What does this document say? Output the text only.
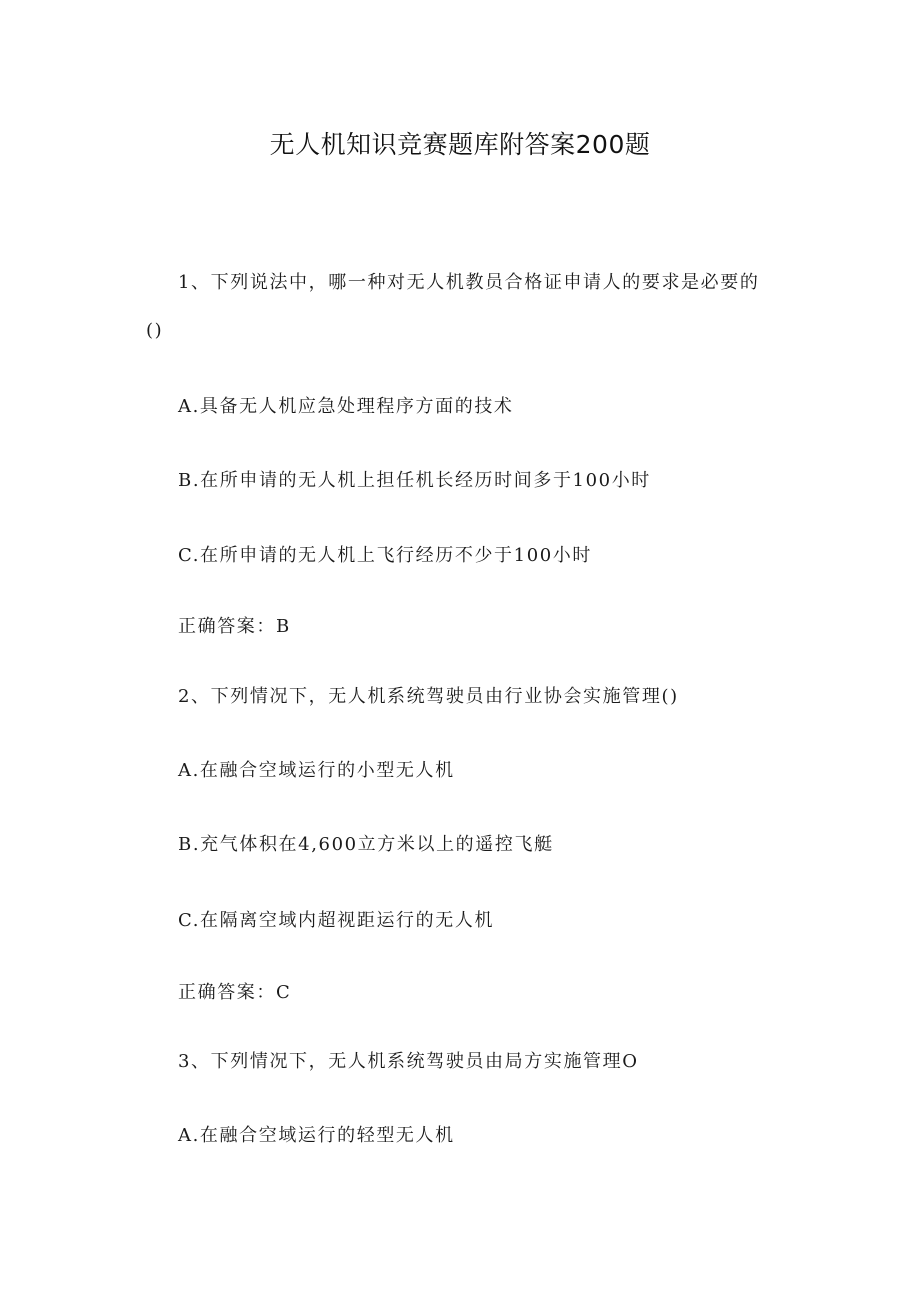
无人机知识竞赛题库附答案200题

1、下列说法中，哪一种对无人机教员合格证申请人的要求是必要的

()

A.具备无人机应急处理程序方面的技术

B.在所申请的无人机上担任机长经历时间多于100小时

C.在所申请的无人机上飞行经历不少于100小时

正确答案：B

2、下列情况下，无人机系统驾驶员由行业协会实施管理()

A.在融合空域运行的小型无人机

B.充气体积在4,600立方米以上的遥控飞艇

C.在隔离空域内超视距运行的无人机

正确答案：C

3、下列情况下，无人机系统驾驶员由局方实施管理O

A.在融合空域运行的轻型无人机
